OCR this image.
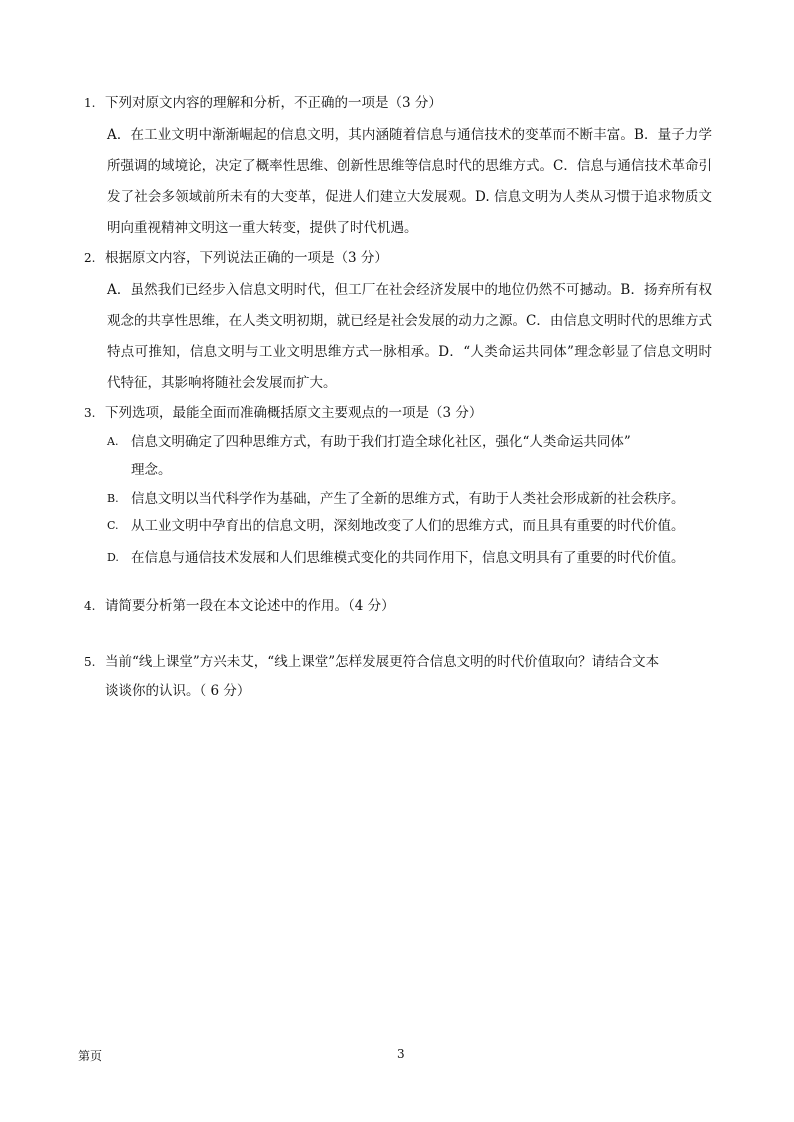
1. 下列对原文内容的理解和分析，不正确的一项是（3 分）
A．在工业文明中渐渐崛起的信息文明，其内涵随着信息与通信技术的变革而不断丰富。B．量子力学所强调的域境论，决定了概率性思维、创新性思维等信息时代的思维方式。C．信息与通信技术革命引发了社会多领域前所未有的大变革，促进人们建立大发展观。D. 信息文明为人类从习惯于追求物质文明向重视精神文明这一重大转变，提供了时代机遇。
2. 根据原文内容，下列说法正确的一项是（3 分）
A．虽然我们已经步入信息文明时代，但工厂在社会经济发展中的地位仍然不可撼动。B．扬弃所有权观念的共享性思维，在人类文明初期，就已经是社会发展的动力之源。C．由信息文明时代的思维方式特点可推知，信息文明与工业文明思维方式一脉相承。D．“人类命运共同体”理念彰显了信息文明时代特征，其影响将随社会发展而扩大。
3. 下列选项，最能全面而准确概括原文主要观点的一项是（3 分）
A. 信息文明确定了四种思维方式，有助于我们打造全球化社区，强化“人类命运共同体”
理念。
B. 信息文明以当代科学作为基础，产生了全新的思维方式，有助于人类社会形成新的社会秩序。
C. 从工业文明中孕育出的信息文明，深刻地改变了人们的思维方式，而且具有重要的时代价值。
D. 在信息与通信技术发展和人们思维模式变化的共同作用下，信息文明具有了重要的时代价值。
4. 请简要分析第一段在本文论述中的作用。（4 分）
5. 当前“线上课堂”方兴未艾，“线上课堂”怎样发展更符合信息文明的时代价值取向？请结合文本
谈谈你的认识。（ 6 分）
第页	3
